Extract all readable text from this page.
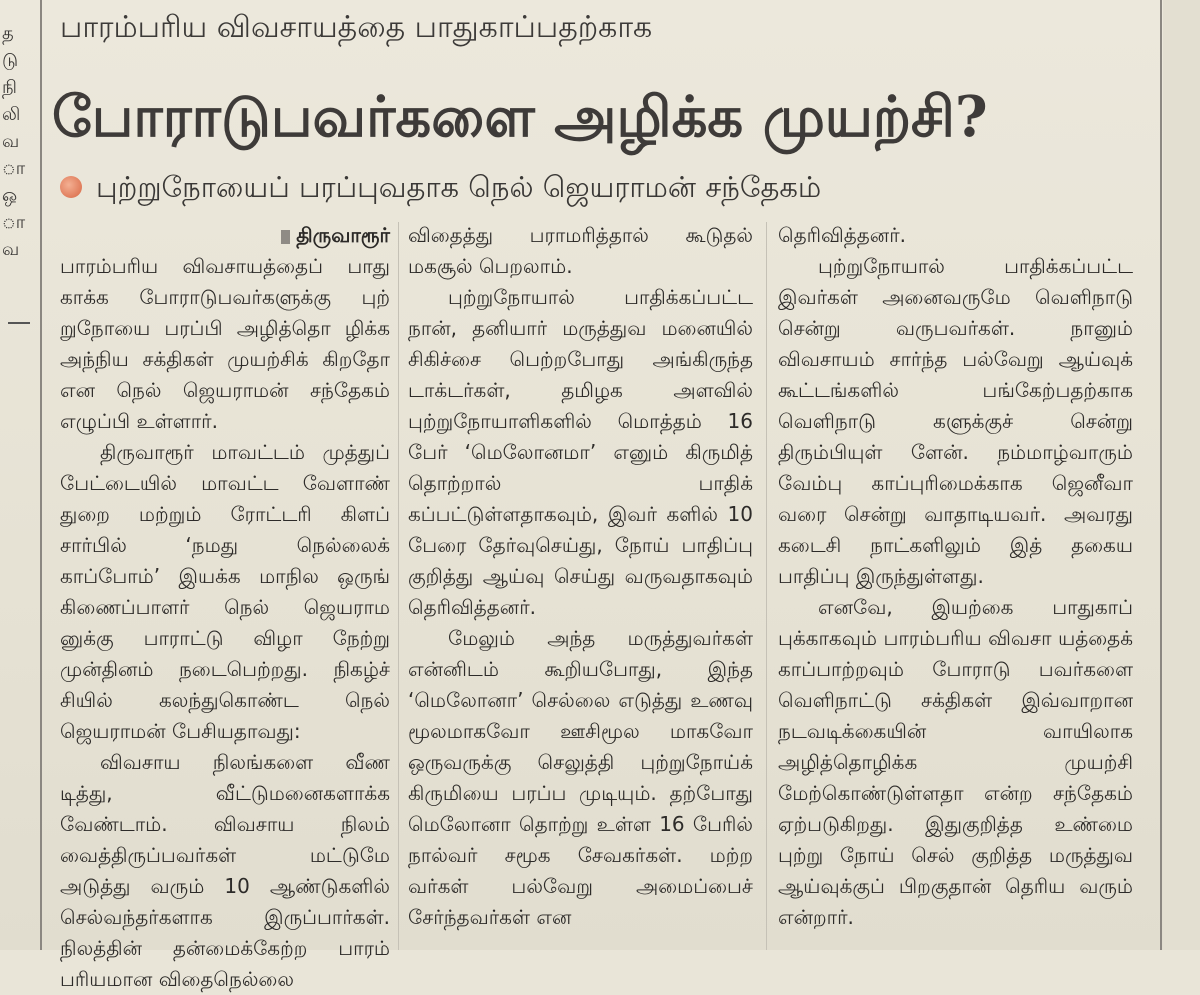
த
டு
நி
லி
வ
ா
ஒ
ா
வ
பாரம்பரிய விவசாயத்தை பாதுகாப்பதற்காக
போராடுபவர்களை அழிக்க முயற்சி?
புற்றுநோயைப் பரப்புவதாக நெல் ஜெயராமன் சந்தேகம்
திருவாரூர்

பாரம்பரிய விவசாயத்தைப் பாது காக்க போராடுபவர்களுக்கு புற் றுநோயை பரப்பி அழித்தொ ழிக்க அந்நிய சக்திகள் முயற்சிக் கிறதோ என நெல் ஜெயராமன் சந்தேகம் எழுப்பி உள்ளார்.

திருவாரூர் மாவட்டம் முத்துப் பேட்டையில் மாவட்ட வேளாண் துறை மற்றும் ரோட்டரி கிளப் சார்பில் ‘நமது நெல்லைக் காப்போம்’ இயக்க மாநில ஒருங் கிணைப்பாளர் நெல் ஜெயராம னுக்கு பாராட்டு விழா நேற்று முன்தினம் நடைபெற்றது. நிகழ்ச் சியில் கலந்துகொண்ட நெல் ஜெயராமன் பேசியதாவது:

விவசாய நிலங்களை வீண டித்து, வீட்டுமனைகளாக்க வேண்டாம். விவசாய நிலம் வைத்திருப்பவர்கள் மட்டுமே அடுத்து வரும் 10 ஆண்டுகளில் செல்வந்தர்களாக இருப்பார்கள். நிலத்தின் தன்மைக்கேற்ற பாரம் பரியமான விதைநெல்லை

விதைத்து பராமரித்தால் கூடுதல் மகசூல் பெறலாம்.

புற்றுநோயால் பாதிக்கப்பட்ட நான், தனியார் மருத்துவ மனையில் சிகிச்சை பெற்றபோது அங்கிருந்த டாக்டர்கள், தமிழக அளவில் புற்றுநோயாளிகளில் மொத்தம் 16 பேர் ‘மெலோனமா’ எனும் கிருமித் தொற்றால் பாதிக் கப்பட்டுள்ளதாகவும், இவர் களில் 10 பேரை தேர்வுசெய்து, நோய் பாதிப்பு குறித்து ஆய்வு செய்து வருவதாகவும் தெரிவித்தனர்.

மேலும் அந்த மருத்துவர்கள் என்னிடம் கூறியபோது, இந்த ‘மெலோனா’ செல்லை எடுத்து உணவு மூலமாகவோ ஊசிமூல மாகவோ ஒருவருக்கு செலுத்தி புற்றுநோய்க் கிருமியை பரப்ப முடியும். தற்போது மெலோனா தொற்று உள்ள 16 பேரில் நால்வர் சமூக சேவகர்கள். மற்ற வர்கள் பல்வேறு அமைப்பைச் சேர்ந்தவர்கள் என

தெரிவித்தனர்.

புற்றுநோயால் பாதிக்கப்பட்ட இவர்கள் அனைவருமே வெளிநாடு சென்று வருபவர்கள். நானும் விவசாயம் சார்ந்த பல்வேறு ஆய்வுக் கூட்டங்களில் பங்கேற்பதற்காக வெளிநாடு களுக்குச் சென்று திரும்பியுள் ளேன். நம்மாழ்வாரும் வேம்பு காப்புரிமைக்காக ஜெனீவா வரை சென்று வாதாடியவர். அவரது கடைசி நாட்களிலும் இத் தகைய பாதிப்பு இருந்துள்ளது.

எனவே, இயற்கை பாதுகாப் புக்காகவும் பாரம்பரிய விவசா யத்தைக் காப்பாற்றவும் போராடு பவர்களை வெளிநாட்டு சக்திகள் இவ்வாறான நடவடிக்கையின் வாயிலாக அழித்தொழிக்க முயற்சி மேற்கொண்டுள்ளதா என்ற சந்தேகம் ஏற்படுகிறது. இதுகுறித்த உண்மை புற்று நோய் செல் குறித்த மருத்துவ ஆய்வுக்குப் பிறகுதான் தெரிய வரும் என்றார்.
